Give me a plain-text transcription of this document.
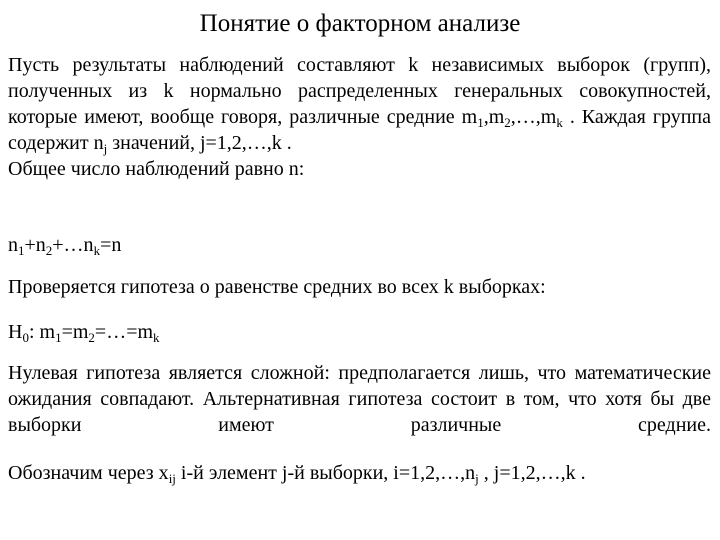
Понятие о факторном анализе
Пусть результаты наблюдений составляют k независимых выборок (групп), полученных из k нормально распределенных генеральных совокупностей, которые имеют, вообще говоря, различные средние $m_1,m_2,\dots,m_k$ . Каждая группа содержит $n_j$ значений, j=1,2,…,k .
Общее число наблюдений равно n:
$n_1+n_2+\dots n_k=n$
Проверяется гипотеза о равенстве средних во всех k выборках:
$H_0$: $m_1=m_2=\dots=m_k$
Нулевая гипотеза является сложной: предполагается лишь, что математические ожидания совпадают. Альтернативная гипотеза состоит в том, что хотя бы две выборки имеют различные средние.
Обозначим через $x_{ij}$ i-й элемент j-й выборки, $i=1,2,\dots,n_j$ , j=1,2,…,k .
